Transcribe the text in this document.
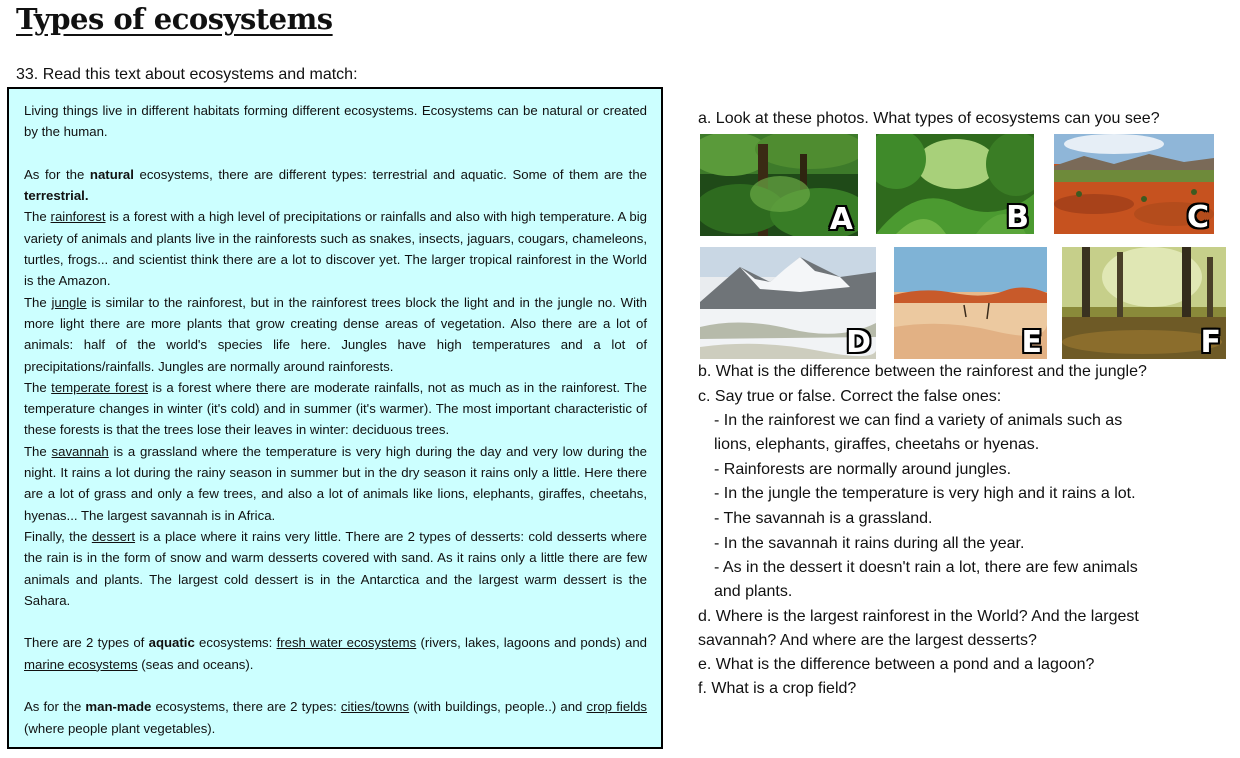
Types of ecosystems
33. Read this text about ecosystems and match:

Living things live in different habitats forming different ecosystems. Ecosystems can be natural or created by the human.

As for the natural ecosystems, there are different types: terrestrial and aquatic. Some of them are the terrestrial.

The rainforest is a forest with a high level of precipitations or rainfalls and also with high temperature. A big variety of animals and plants live in the rainforests such as snakes, insects, jaguars, cougars, chameleons, turtles, frogs... and scientist think there are a lot to discover yet. The larger tropical rainforest in the World is the Amazon.

The jungle is similar to the rainforest, but in the rainforest trees block the light and in the jungle no. With more light there are more plants that grow creating dense areas of vegetation. Also there are a lot of animals: half of the world's species life here. Jungles have high temperatures and a lot of precipitations/rainfalls. Jungles are normally around rainforests.

The temperate forest is a forest where there are moderate rainfalls, not as much as in the rainforest. The temperature changes in winter (it's cold) and in summer (it's warmer). The most important characteristic of these forests is that the trees lose their leaves in winter: deciduous trees.

The savannah is a grassland where the temperature is very high during the day and very low during the night. It rains a lot during the rainy season in summer but in the dry season it rains only a little. Here there are a lot of grass and only a few trees, and also a lot of animals like lions, elephants, giraffes, cheetahs, hyenas... The largest savannah is in Africa.

Finally, the dessert is a place where it rains very little. There are 2 types of desserts: cold desserts where the rain is in the form of snow and warm desserts covered with sand. As it rains only a little there are few animals and plants. The largest cold dessert is in the Antarctica and the largest warm dessert is the Sahara.

There are 2 types of aquatic ecosystems: fresh water ecosystems (rivers, lakes, lagoons and ponds) and marine ecosystems (seas and oceans).

As for the man-made ecosystems, there are 2 types: cities/towns (with buildings, people..) and crop fields (where people plant vegetables).

a. Look at these photos. What types of ecosystems can you see?

A	B	C
D	E	F

b. What is the difference between the rainforest and the jungle?

c. Say true or false. Correct the false ones:

- In the rainforest we can find a variety of animals such as

lions, elephants, giraffes, cheetahs or hyenas.

- Rainforests are normally around jungles.

- In the jungle the temperature is very high and it rains a lot.

- The savannah is a grassland.

- In the savannah it rains during all the year.

- As in the dessert it doesn't rain a lot, there are few animals

and plants.

d. Where is the largest rainforest in the World? And the largest

savannah? And where are the largest desserts?

e. What is the difference between a pond and a lagoon?

f. What is a crop field?
